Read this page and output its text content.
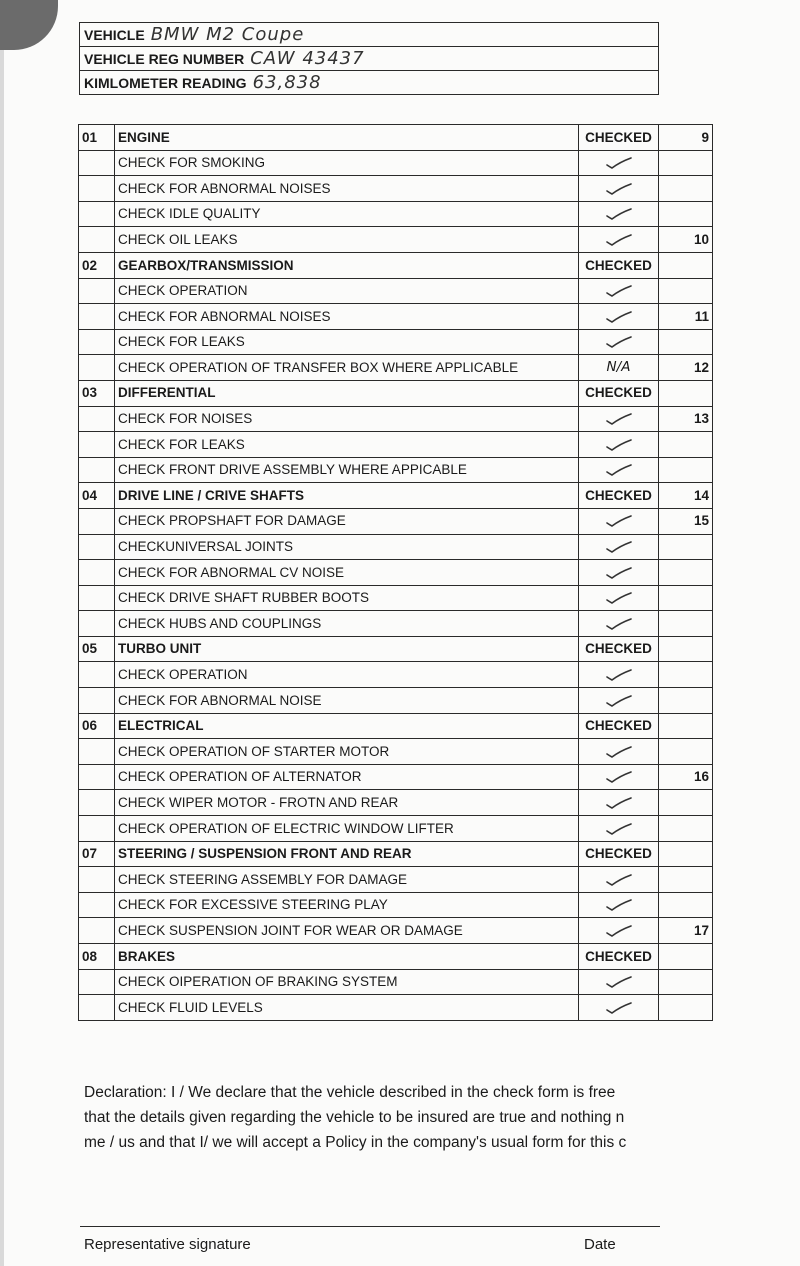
VEHICLE BMW M2 Coupe
VEHICLE REG NUMBER CAW 43437
KIMLOMETER READING 63,838
01	ENGINE	CHECKED	9
	CHECK FOR SMOKING		
	CHECK FOR ABNORMAL NOISES		
	CHECK IDLE QUALITY		
	CHECK OIL LEAKS		10
02	GEARBOX/TRANSMISSION	CHECKED	
	CHECK OPERATION		
	CHECK FOR ABNORMAL NOISES		11
	CHECK FOR LEAKS		
	CHECK OPERATION OF TRANSFER BOX WHERE APPLICABLE	N/A	12
03	DIFFERENTIAL	CHECKED	
	CHECK FOR NOISES		13
	CHECK FOR LEAKS		
	CHECK FRONT DRIVE ASSEMBLY WHERE APPICABLE		
04	DRIVE LINE / CRIVE SHAFTS	CHECKED	14
	CHECK PROPSHAFT FOR DAMAGE		15
	CHECKUNIVERSAL JOINTS		
	CHECK FOR ABNORMAL CV NOISE		
	CHECK DRIVE SHAFT RUBBER BOOTS		
	CHECK HUBS AND COUPLINGS		
05	TURBO UNIT	CHECKED	
	CHECK OPERATION		
	CHECK FOR ABNORMAL NOISE		
06	ELECTRICAL	CHECKED	
	CHECK OPERATION OF STARTER MOTOR		
	CHECK OPERATION OF ALTERNATOR		16
	CHECK WIPER MOTOR - FROTN AND REAR		
	CHECK OPERATION OF ELECTRIC WINDOW LIFTER		
07	STEERING / SUSPENSION FRONT AND REAR	CHECKED	
	CHECK STEERING ASSEMBLY FOR DAMAGE		
	CHECK FOR EXCESSIVE STEERING PLAY		
	CHECK SUSPENSION JOINT FOR WEAR OR DAMAGE		17
08	BRAKES	CHECKED	
	CHECK OIPERATION OF BRAKING SYSTEM		
	CHECK FLUID LEVELS		
Declaration: I / We declare that the vehicle described in the check form is free
that the details given regarding the vehicle to be insured are true and nothing n
me / us and that I/ we will accept a Policy in the company's usual form for this c
Representative signature	Date
